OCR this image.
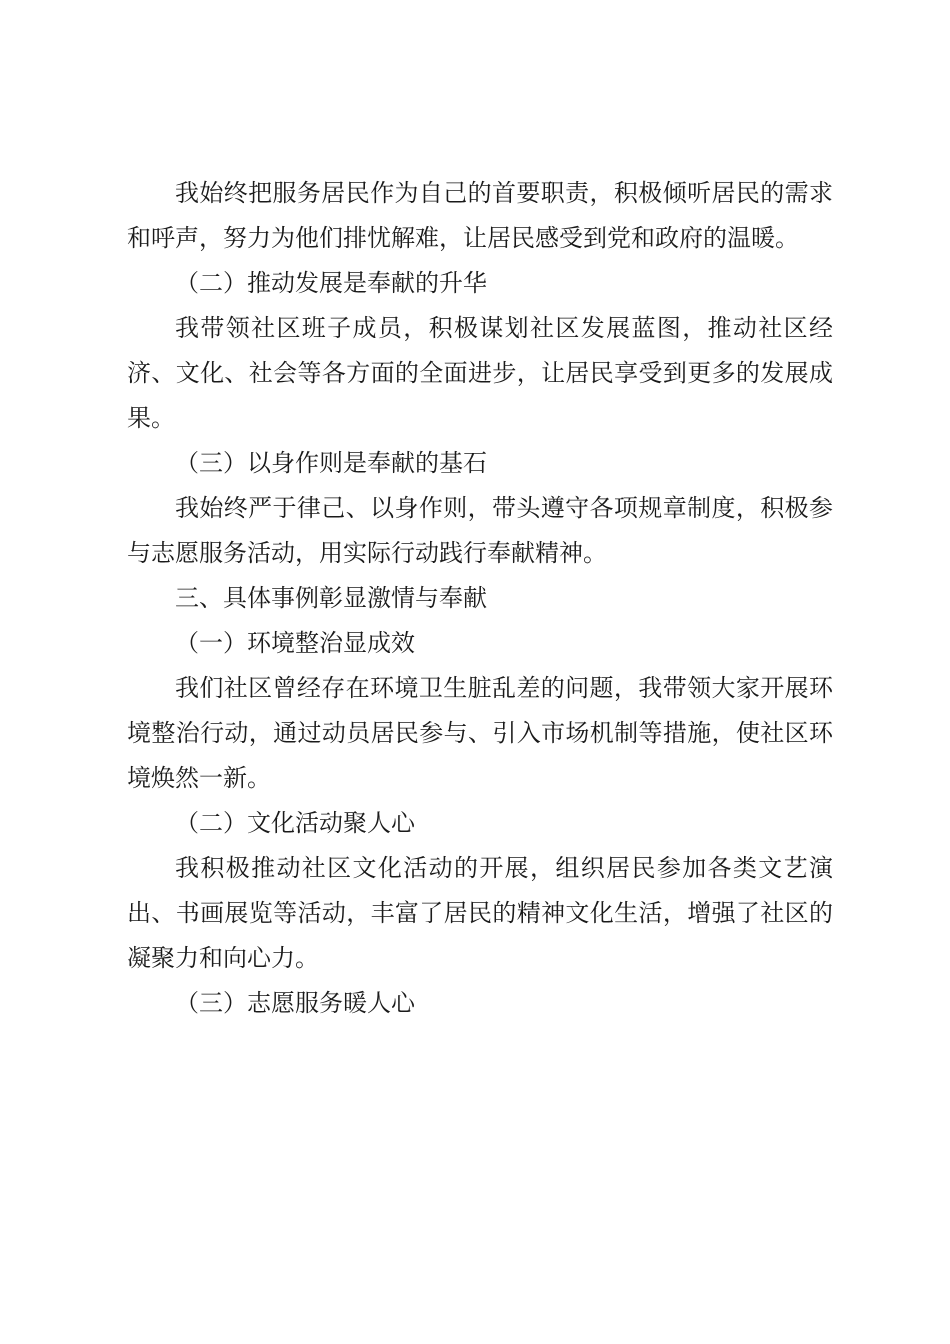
我始终把服务居民作为自己的首要职责，积极倾听居民的需求和呼声，努力为他们排忧解难，让居民感受到党和政府的温暖。

（二）推动发展是奉献的升华

我带领社区班子成员，积极谋划社区发展蓝图，推动社区经济、文化、社会等各方面的全面进步，让居民享受到更多的发展成果。

（三）以身作则是奉献的基石

我始终严于律己、以身作则，带头遵守各项规章制度，积极参与志愿服务活动，用实际行动践行奉献精神。

三、具体事例彰显激情与奉献

（一）环境整治显成效

我们社区曾经存在环境卫生脏乱差的问题，我带领大家开展环境整治行动，通过动员居民参与、引入市场机制等措施，使社区环境焕然一新。

（二）文化活动聚人心

我积极推动社区文化活动的开展，组织居民参加各类文艺演出、书画展览等活动，丰富了居民的精神文化生活，增强了社区的凝聚力和向心力。

（三）志愿服务暖人心
